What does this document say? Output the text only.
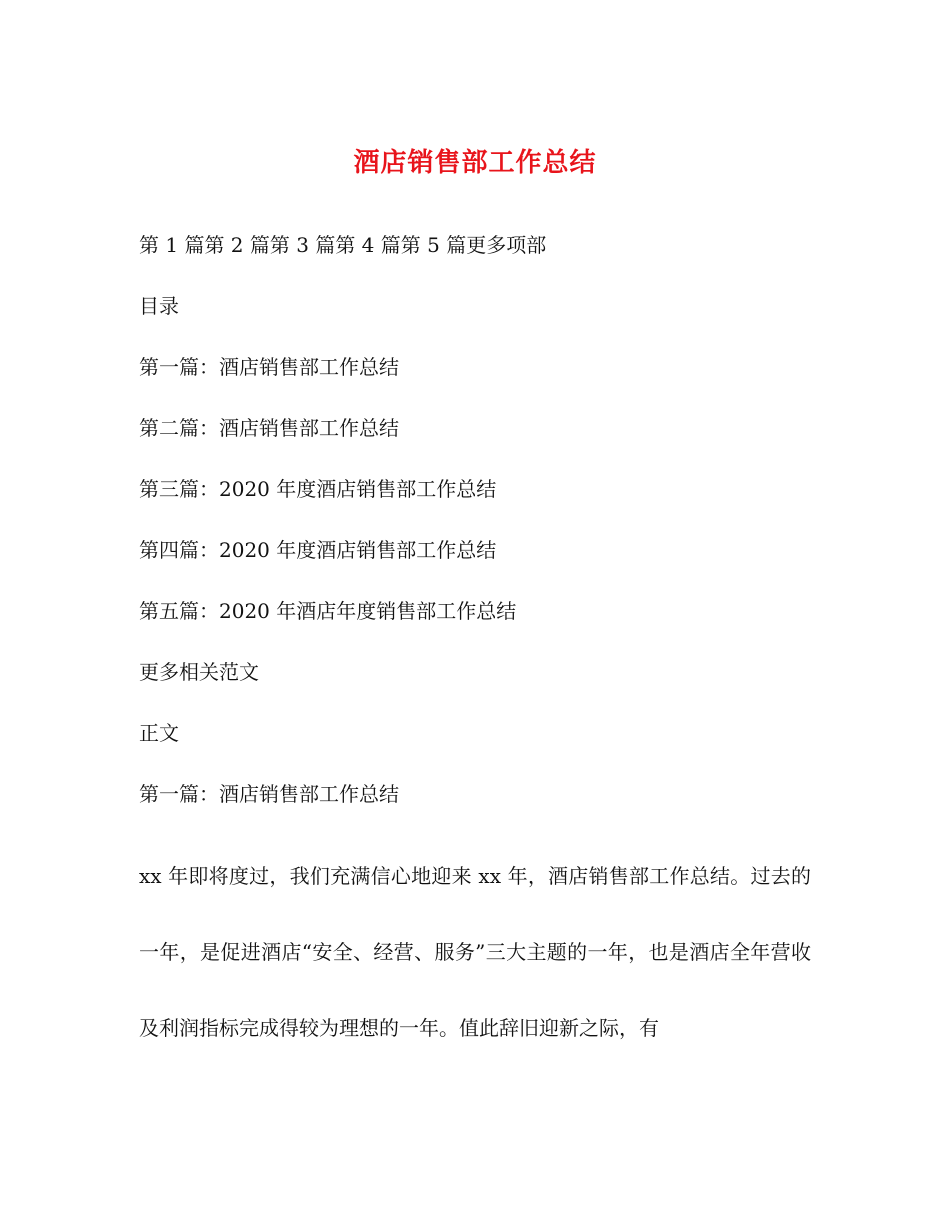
酒店销售部工作总结
第 1 篇第 2 篇第 3 篇第 4 篇第 5 篇更多项部
目录
第一篇：酒店销售部工作总结
第二篇：酒店销售部工作总结
第三篇：2020 年度酒店销售部工作总结
第四篇：2020 年度酒店销售部工作总结
第五篇：2020 年酒店年度销售部工作总结
更多相关范文
正文
第一篇：酒店销售部工作总结

xx 年即将度过，我们充满信心地迎来 xx 年，酒店销售部工作总结。过去的一年，是促进酒店“安全、经营、服务”三大主题的一年，也是酒店全年营收及利润指标完成得较为理想的一年。值此辞旧迎新之际，有
